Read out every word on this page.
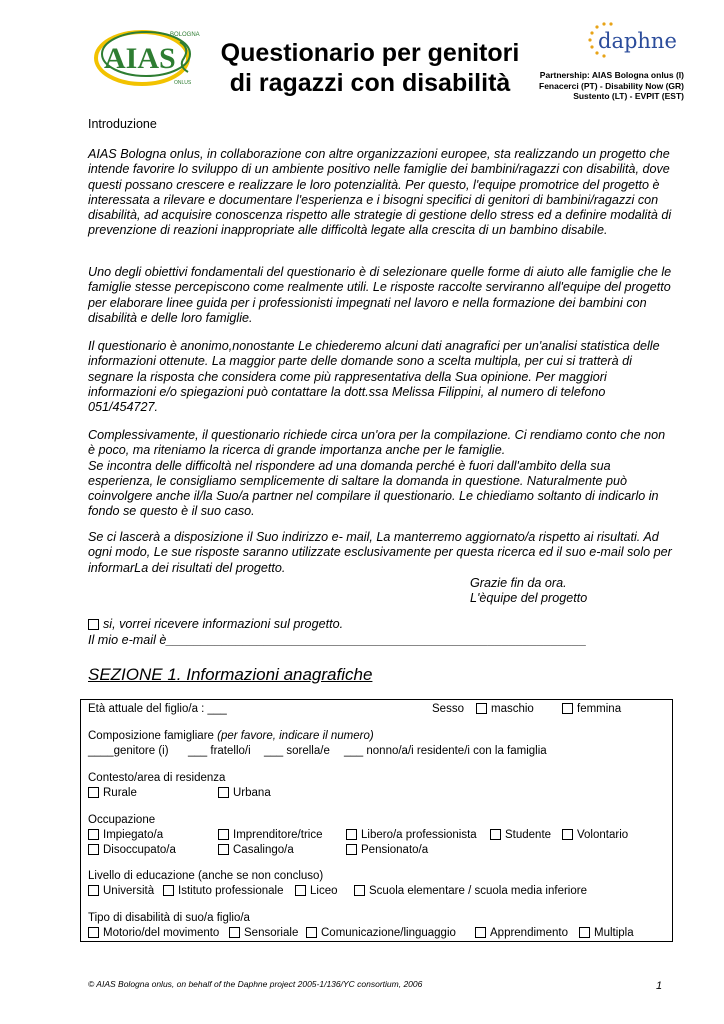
AIAS
BOLOGNA
ONLUS
Questionario per genitori
di ragazzi con disabilità
daphne
Partnership: AIAS Bologna onlus (I)
Fenacerci (PT) - Disability Now (GR)
Sustento (LT) - EVPIT (EST)
Introduzione
AIAS Bologna onlus, in collaborazione con altre organizzazioni europee, sta realizzando un progetto che intende favorire lo sviluppo di un ambiente positivo nelle famiglie dei bambini/ragazzi con disabilità, dove questi possano crescere e realizzare le loro potenzialità. Per questo, l'equipe promotrice del progetto è interessata a rilevare e documentare l'esperienza e i bisogni specifici di genitori di bambini/ragazzi con disabilità, ad acquisire conoscenza rispetto alle strategie di gestione dello stress ed a definire modalità di prevenzione di reazioni inappropriate alle difficoltà legate alla crescita di un bambino disabile.
Uno degli obiettivi fondamentali del questionario è di selezionare quelle forme di aiuto alle famiglie che le famiglie stesse percepiscono come realmente utili. Le risposte raccolte serviranno all'equipe del progetto per elaborare linee guida per i professionisti impegnati nel lavoro e nella formazione dei bambini con disabilità e delle loro famiglie.
Il questionario è anonimo,nonostante Le chiederemo alcuni dati anagrafici per un'analisi statistica delle informazioni ottenute. La maggior parte delle domande sono a scelta multipla, per cui si tratterà di segnare la risposta che considera come più rappresentativa della Sua opinione. Per maggiori informazioni e/o spiegazioni può contattare la dott.ssa Melissa Filippini, al numero di telefono 051/454727.
Complessivamente, il questionario richiede circa un'ora per la compilazione. Ci rendiamo conto che non è poco, ma riteniamo la ricerca di grande importanza anche per le famiglie.
Se incontra delle difficoltà nel rispondere ad una domanda perché è fuori dall'ambito della sua esperienza, le consigliamo semplicemente di saltare la domanda in questione. Naturalmente può coinvolgere anche il/la Suo/a partner nel compilare il questionario. Le chiediamo soltanto di indicarlo in fondo se questo è il suo caso.
Se ci lascerà a disposizione il Suo indirizzo e- mail, La manterremo aggiornato/a rispetto ai risultati. Ad ogni modo, Le sue risposte saranno utilizzate esclusivamente per questa ricerca ed il suo e-mail solo per informarLa dei risultati del progetto.
Grazie fin da ora.
L'èquipe del progetto
si, vorrei ricevere informazioni sul progetto.
Il mio e-mail è____________________________________________________________
SEZIONE 1. Informazioni anagrafiche
Età attuale del figlio/a : ___	Sesso	maschio	femmina
Composizione famigliare (per favore, indicare il numero)
____genitore (i) ___ fratello/i ___ sorella/e ___ nonno/a/i residente/i con la famiglia
Contesto/area di residenza
Rurale	Urbana
Occupazione
Impiegato/a	Imprenditore/trice	Libero/a professionista	Studente	Volontario
Disoccupato/a	Casalingo/a	Pensionato/a
Livello di educazione (anche se non concluso)
Università	Istituto professionale	Liceo	Scuola elementare / scuola media inferiore
Tipo di disabilità di suo/a figlio/a
Motorio/del movimento	Sensoriale	Comunicazione/linguaggio	Apprendimento	Multipla
© AIAS Bologna onlus, on behalf of the Daphne project 2005-1/136/YC consortium, 2006	1
